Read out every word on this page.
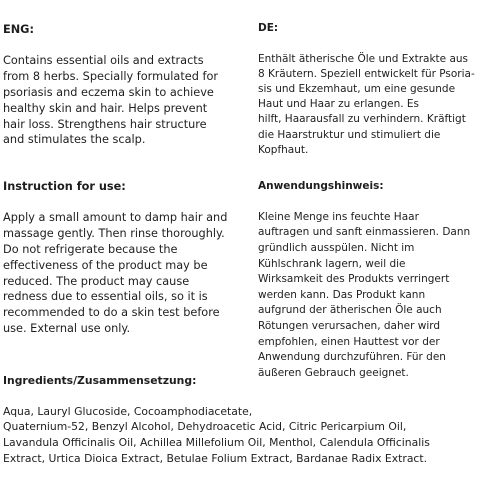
ENG:

Contains essential oils and extracts
from 8 herbs. Specially formulated for
psoriasis and eczema skin to achieve
healthy skin and hair. Helps prevent
hair loss. Strengthens hair structure
and stimulates the scalp.

DE:

Enthält ätherische Öle und Extrakte aus
8 Kräutern. Speziell entwickelt für Psoria-
sis und Ekzemhaut, um eine gesunde
Haut und Haar zu erlangen. Es
hilft, Haarausfall zu verhindern. Kräftigt
die Haarstruktur und stimuliert die
Kopfhaut.

Instruction for use:

Apply a small amount to damp hair and
massage gently. Then rinse thoroughly.
Do not refrigerate because the
effectiveness of the product may be
reduced. The product may cause
redness due to essential oils, so it is
recommended to do a skin test before
use. External use only.

Anwendungshinweis:

Kleine Menge ins feuchte Haar
auftragen und sanft einmassieren. Dann
gründlich ausspülen. Nicht im
Kühlschrank lagern, weil die
Wirksamkeit des Produkts verringert
werden kann. Das Produkt kann
aufgrund der ätherischen Öle auch
Rötungen verursachen, daher wird
empfohlen, einen Hauttest vor der
Anwendung durchzuführen. Für den
äußeren Gebrauch geeignet.

Ingredients/Zusammensetzung:

Aqua, Lauryl Glucoside, Cocoamphodiacetate,
Quaternium-52, Benzyl Alcohol, Dehydroacetic Acid, Citric Pericarpium Oil,
Lavandula Officinalis Oil, Achillea Millefolium Oil, Menthol, Calendula Officinalis
Extract, Urtica Dioica Extract, Betulae Folium Extract, Bardanae Radix Extract.
